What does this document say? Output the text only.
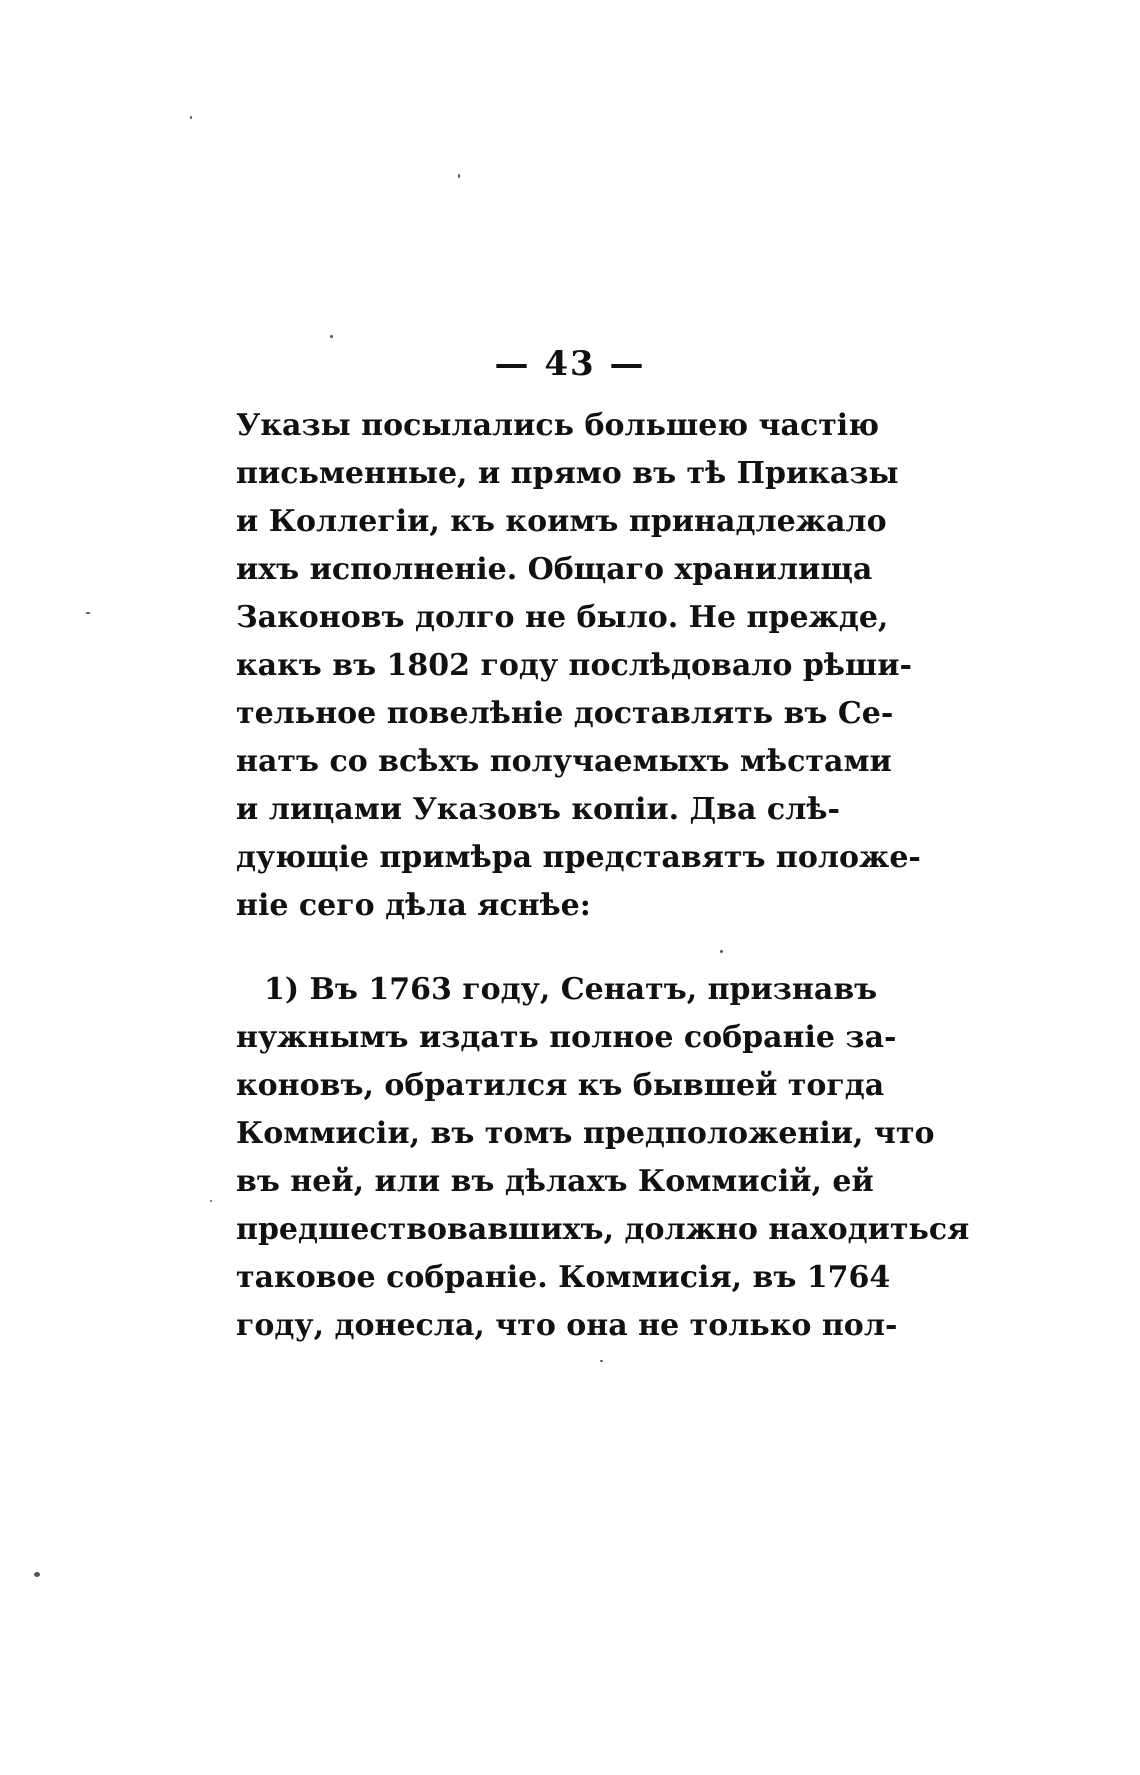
— 43 —
Указы посылались большею частію
письменные, и прямо въ тѣ Приказы
и Коллегіи, къ коимъ принадлежало
ихъ исполненіе. Общаго хранилища
Законовъ долго не было. Не прежде,
какъ въ 1802 году послѣдовало рѣши-
тельное повелѣніе доставлять въ Се-
натъ со всѣхъ получаемыхъ мѣстами
и лицами Указовъ копіи. Два слѣ-
дующіе примѣра представятъ положе-
ніе сего дѣла яснѣе:
1) Въ 1763 году, Сенатъ, признавъ
нужнымъ издать полное собраніе за-
коновъ, обратился къ бывшей тогда
Коммисіи, въ томъ предположеніи, что
въ ней, или въ дѣлахъ Коммисій, ей
предшествовавшихъ, должно находиться
таковое собраніе. Коммисія, въ 1764
году, донесла, что она не только пол-
